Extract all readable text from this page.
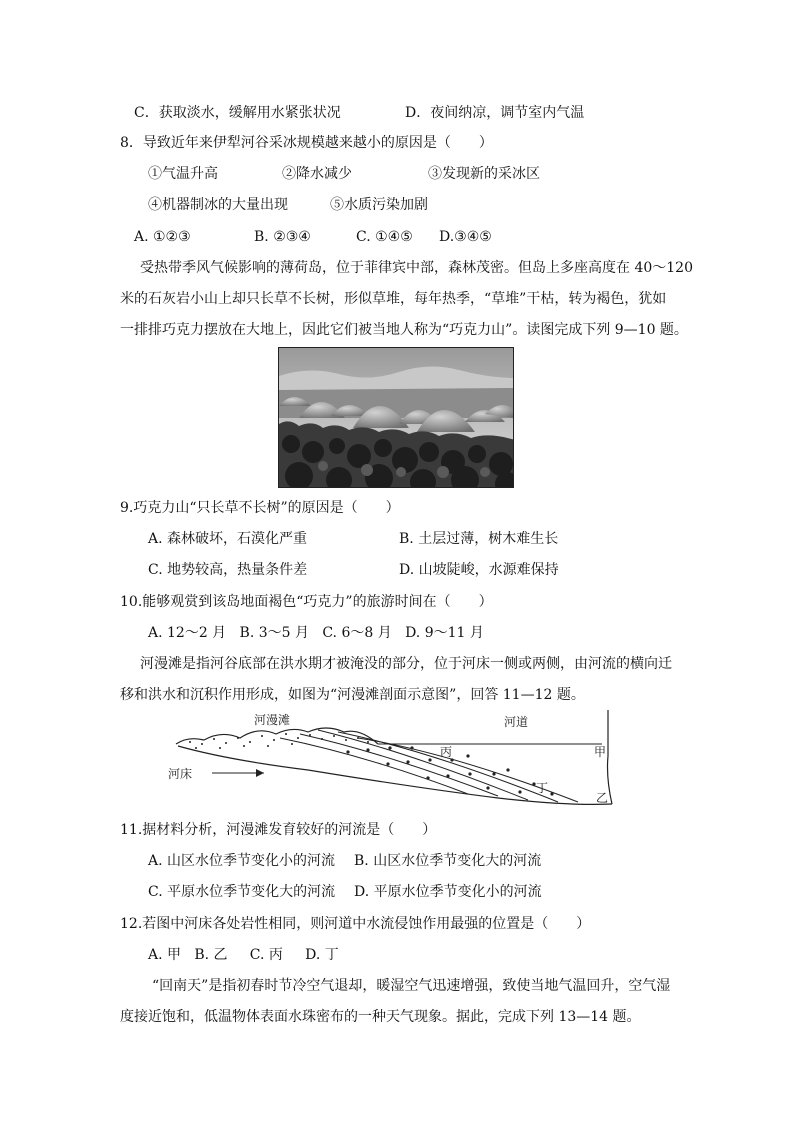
C．获取淡水，缓解用水紧张状况	D．夜间纳凉，调节室内气温
8．导致近年来伊犁河谷采冰规模越来越小的原因是（　　）
①气温升高	②降水减少	③发现新的采冰区
④机器制冰的大量出现	⑤水质污染加剧
A. ①②③	B. ②③④	C. ①④⑤ D.③④⑤
受热带季风气候影响的薄荷岛，位于菲律宾中部，森林茂密。但岛上多座高度在 40～120
米的石灰岩小山上却只长草不长树，形似草堆，每年热季，“草堆”干枯，转为褐色，犹如
一排排巧克力摆放在大地上，因此它们被当地人称为“巧克力山”。读图完成下列 9—10 题。
9.巧克力山“只长草不长树”的原因是（　　）
A. 森林破坏，石漠化严重	B. 土层过薄，树木难生长
C. 地势较高，热量条件差	D. 山坡陡峻，水源难保持
10.能够观赏到该岛地面褐色“巧克力”的旅游时间在（　　）
A. 12～2 月   B. 3～5 月   C. 6～8 月   D. 9～11 月
河漫滩是指河谷底部在洪水期才被淹没的部分，位于河床一侧或两侧，由河流的横向迁
移和洪水和沉积作用形成，如图为“河漫滩剖面示意图”，回答 11—12 题。
河漫滩	河道
河床
甲
乙
丙
丁
11.据材料分析，河漫滩发育较好的河流是（　　）
A. 山区水位季节变化小的河流 B. 山区水位季节变化大的河流
C. 平原水位季节变化大的河流 D. 平原水位季节变化小的河流
12.若图中河床各处岩性相同，则河道中水流侵蚀作用最强的位置是（　　）
A. 甲   B. 乙     C. 丙     D. 丁
“回南天”是指初春时节冷空气退却，暖湿空气迅速增强，致使当地气温回升，空气湿
度接近饱和，低温物体表面水珠密布的一种天气现象。据此，完成下列 13—14 题。
